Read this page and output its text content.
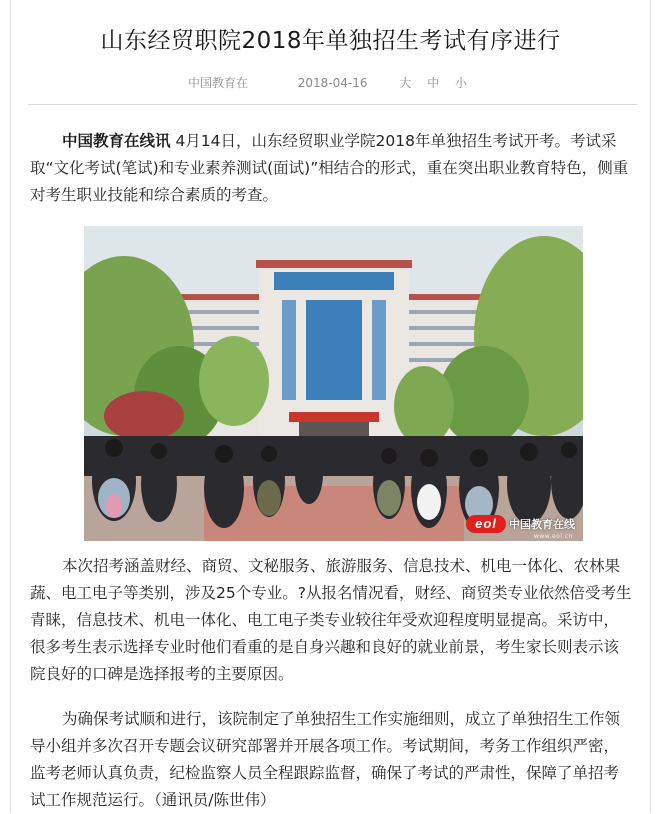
山东经贸职院2018年单独招生考试有序进行
中国教育在	2018-04-16	大 中 小

中国教育在线讯 4月14日，山东经贸职业学院2018年单独招生考试开考。考试采取“文化考试(笔试)和专业素养测试(面试)”相结合的形式，重在突出职业教育特色，侧重对考生职业技能和综合素质的考查。

eol	中国教育在线
www.eol.cn

本次招考涵盖财经、商贸、文秘服务、旅游服务、信息技术、机电一体化、农林果蔬、电工电子等类别，涉及25个专业。?从报名情况看，财经、商贸类专业依然倍受考生青睐，信息技术、机电一体化、电工电子类专业较往年受欢迎程度明显提高。采访中，很多考生表示选择专业时他们看重的是自身兴趣和良好的就业前景，考生家长则表示该院良好的口碑是选择报考的主要原因。

为确保考试顺和进行，该院制定了单独招生工作实施细则，成立了单独招生工作领导小组并多次召开专题会议研究部署并开展各项工作。考试期间，考务工作组织严密，监考老师认真负责，纪检监察人员全程跟踪监督，确保了考试的严肃性，保障了单招考试工作规范运行。（通讯员/陈世伟）
